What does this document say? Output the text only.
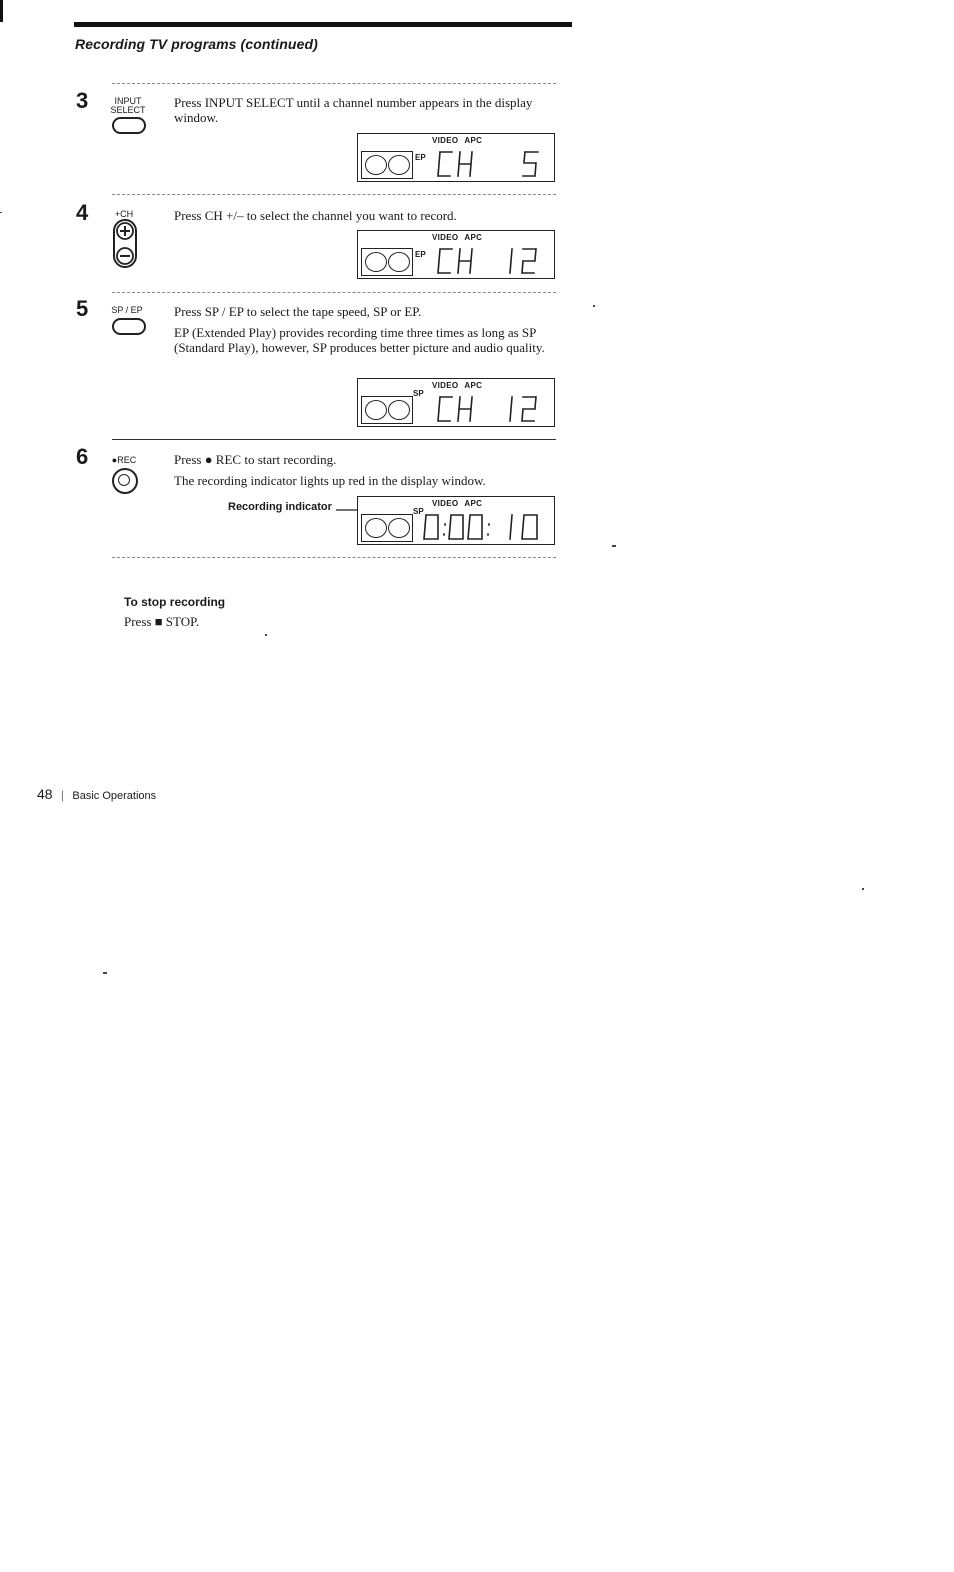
Recording TV programs (continued)
3	INPUT
SELECT	Press INPUT SELECT until a channel number appears in the display window.
VIDEO APC
EP
4	+CH	Press CH +/– to select the channel you want to record.
VIDEO APC
EP
5	SP / EP	Press SP / EP to select the tape speed, SP or EP.
EP (Extended Play) provides recording time three times as long as SP (Standard Play), however, SP produces better picture and audio quality.
VIDEO APC
SP
6	●REC	Press ● REC to start recording.
The recording indicator lights up red in the display window.
Recording indicator	VIDEO APC
SP
To stop recording
Press ■ STOP.
48 | Basic Operations
